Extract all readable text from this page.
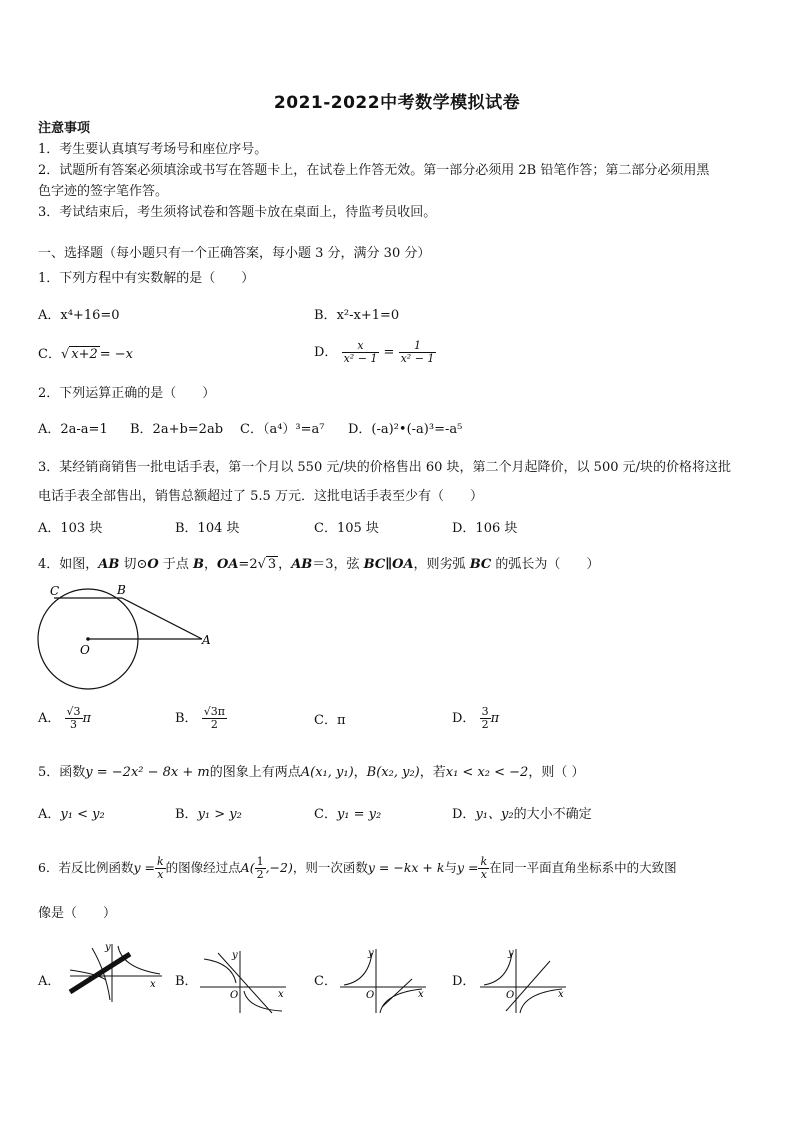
2021-2022中考数学模拟试卷
注意事项
1．考生要认真填写考场号和座位序号。
2．试题所有答案必须填涂或书写在答题卡上，在试卷上作答无效。第一部分必须用 2B 铅笔作答；第二部分必须用黑
色字迹的签字笔作答。
3．考试结束后，考生须将试卷和答题卡放在桌面上，待监考员收回。
一、选择题（每小题只有一个正确答案，每小题 3 分，满分 30 分）
1．下列方程中有实数解的是（　　）
A．x⁴+16=0	B．x²-x+1=0
C．√ x+2 = −x	D． $\frac{x}{\text{x² − 1}} = \frac{1}{\text{x² − 1}}$
2．下列运算正确的是（　　）
A．2a-a=1 B．2a+b=2ab C．（a⁴）³=a⁷ D．(-a)²•(-a)³=-a⁵
3．某经销商销售一批电话手表，第一个月以 550 元/块的价格售出 60 块，第二个月起降价，以 500 元/块的价格将这批
电话手表全部售出，销售总额超过了 5.5 万元．这批电话手表至少有（　　）
A．103 块	B．104 块	C．105 块	D．106 块
4．如图，AB 切⊙O 于点 B，OA=2√ 3 ，AB＝3，弦 BC∥OA，则劣弧 BC 的弧长为（　　）
C	B
O
A
A． $\frac{√3}{3}$ π	B． $\frac{√3\pi}{2}$	C．π	D． $\frac{3}{2}$ π
5．函数y = −2x² − 8x + m的图象上有两点A(x₁, y₁)，B(x₂, y₂)，若x₁ < x₂ < −2，则（ ）
A．y₁ < y₂	B．y₁ > y₂	C．y₁ = y₂	D．y₁、y₂的大小不确定
6．若反比例函数$y = \frac{k}{x}$ 的图像经过点$A( \frac{1}{2} ,-2)$，则一次函数y = −kx + k与$y = \frac{k}{x}$ 在同一平面直角坐标系中的大致图
像是（　　）
A．	x
y
B．
x
y
O
C．
x
y
O
D．
x
y
O
